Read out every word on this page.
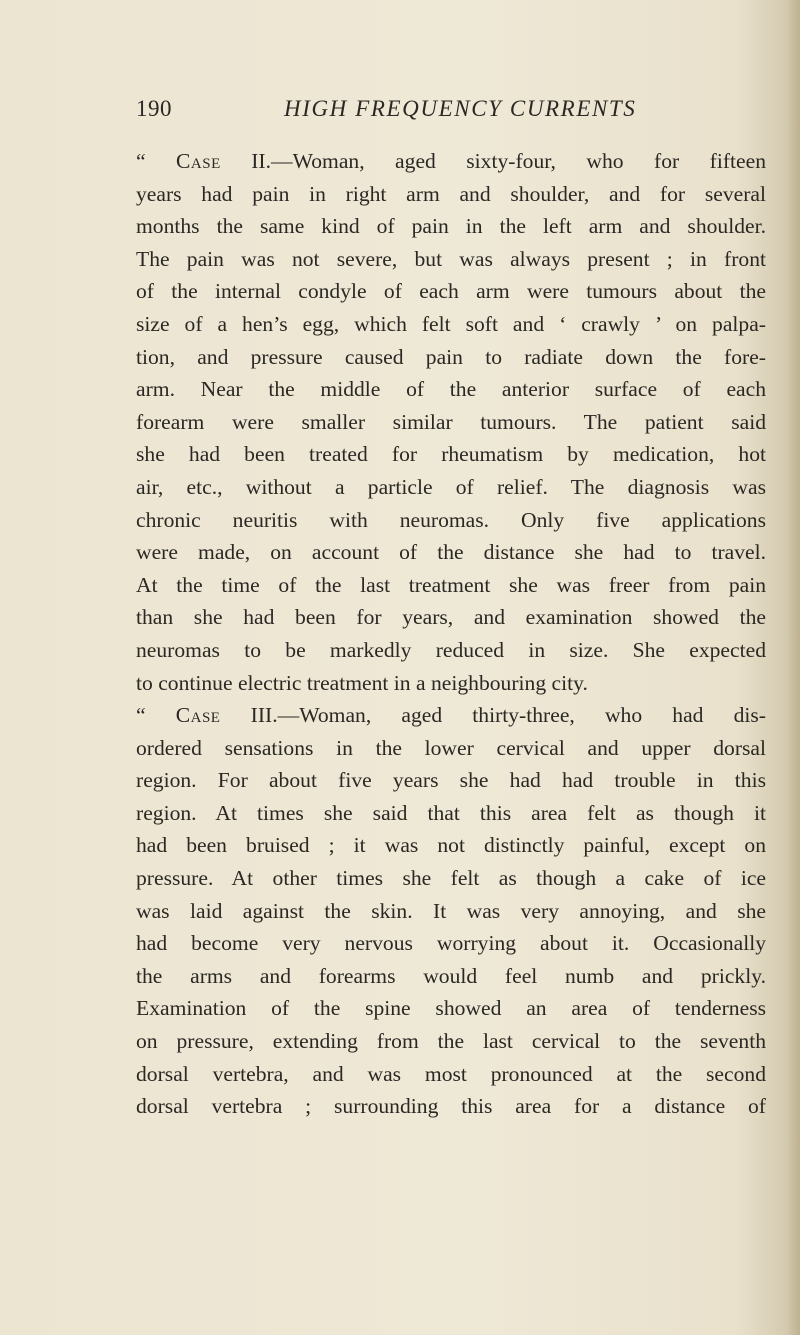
190	HIGH FREQUENCY CURRENTS
“ Case II.—Woman, aged sixty-four, who for fifteen
years had pain in right arm and shoulder, and for several
months the same kind of pain in the left arm and shoulder.
The pain was not severe, but was always present ; in front
of the internal condyle of each arm were tumours about the
size of a hen’s egg, which felt soft and ‘ crawly ’ on palpa-
tion, and pressure caused pain to radiate down the fore-
arm. Near the middle of the anterior surface of each
forearm were smaller similar tumours. The patient said
she had been treated for rheumatism by medication, hot
air, etc., without a particle of relief. The diagnosis was
chronic neuritis with neuromas. Only five applications
were made, on account of the distance she had to travel.
At the time of the last treatment she was freer from pain
than she had been for years, and examination showed the
neuromas to be markedly reduced in size. She expected
to continue electric treatment in a neighbouring city.
“ Case III.—Woman, aged thirty-three, who had dis-
ordered sensations in the lower cervical and upper dorsal
region. For about five years she had had trouble in this
region. At times she said that this area felt as though it
had been bruised ; it was not distinctly painful, except on
pressure. At other times she felt as though a cake of ice
was laid against the skin. It was very annoying, and she
had become very nervous worrying about it. Occasionally
the arms and forearms would feel numb and prickly.
Examination of the spine showed an area of tenderness
on pressure, extending from the last cervical to the seventh
dorsal vertebra, and was most pronounced at the second
dorsal vertebra ; surrounding this area for a distance of
